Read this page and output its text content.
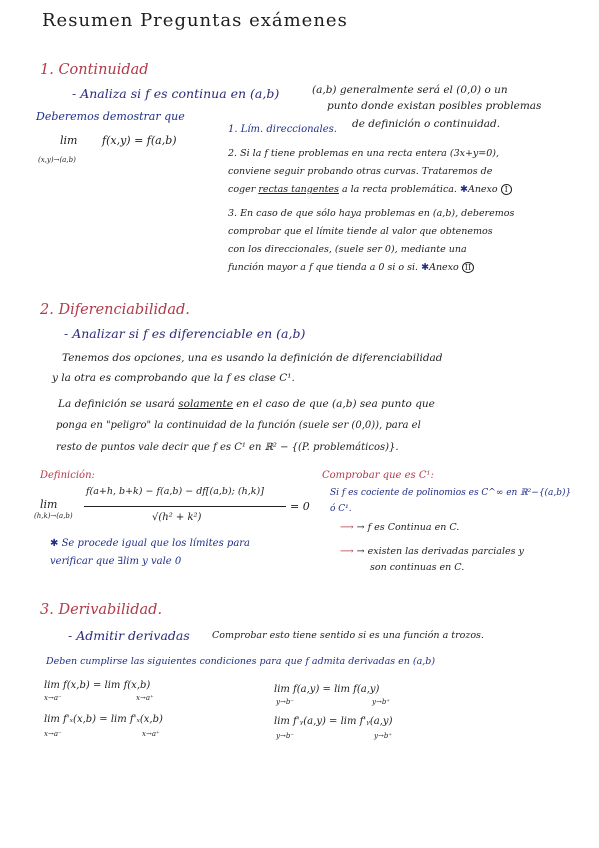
Resumen Preguntas exámenes
1. Continuidad
- Analiza si f es continua en (a,b)	(a,b) generalmente será el (0,0) o un
punto donde existan posibles problemas
de definición o continuidad.
Deberemos demostrar que
lim
(x,y)→(a,b)
f(x,y) = f(a,b)
1. Lím. direccionales.
2. Si la f tiene problemas en una recta entera (3x+y=0),
conviene seguir probando otras curvas. Trataremos de
coger rectas tangentes a la recta problemática. ✱Anexo I
3. En caso de que sólo haya problemas en (a,b), deberemos
comprobar que el límite tiende al valor que obtenemos
con los direccionales, (suele ser 0), mediante una
función mayor a f que tienda a 0 si o si. ✱Anexo II
2. Diferenciabilidad.
- Analizar si f es diferenciable en (a,b)
Tenemos dos opciones, una es usando la definición de diferenciabilidad
y la otra es comprobando que la f es clase C¹.
La definición se usará solamente en el caso de que (a,b) sea punto que
ponga en "peligro" la continuidad de la función (suele ser (0,0)), para el
resto de puntos vale decir que f es C¹ en ℝ² − {(P. problemáticos)}.
Definición:
lim
(h,k)→(a,b)
f(a+h, b+k) − f(a,b) − df[(a,b); (h,k)]
√(h² + k²)
= 0
✱ Se procede igual que los límites para
verificar que ∃lim y vale 0
Comprobar que es C¹:
Si f es cociente de polinomios es C^∞ en ℝ²−{(a,b)}
ó C¹.
⟶ → f es Continua en C.
⟶ → existen las derivadas parciales y
son continuas en C.
3. Derivabilidad.
- Admitir derivadas Comprobar esto tiene sentido si es una función a trozos.
Deben cumplirse las siguientes condiciones para que f admita derivadas en (a,b)
lim f(x,b) = lim f(x,b)
x→a⁻	x→a⁺
lim f(a,y) = lim f(a,y)
y→b⁻	y→b⁺
lim f'ₓ(x,b) = lim f'ₓ(x,b)
x→a⁻	x→a⁺
lim f'ᵧ(a,y) = lim f'ᵧ(a,y)
y→b⁻	y→b⁺
